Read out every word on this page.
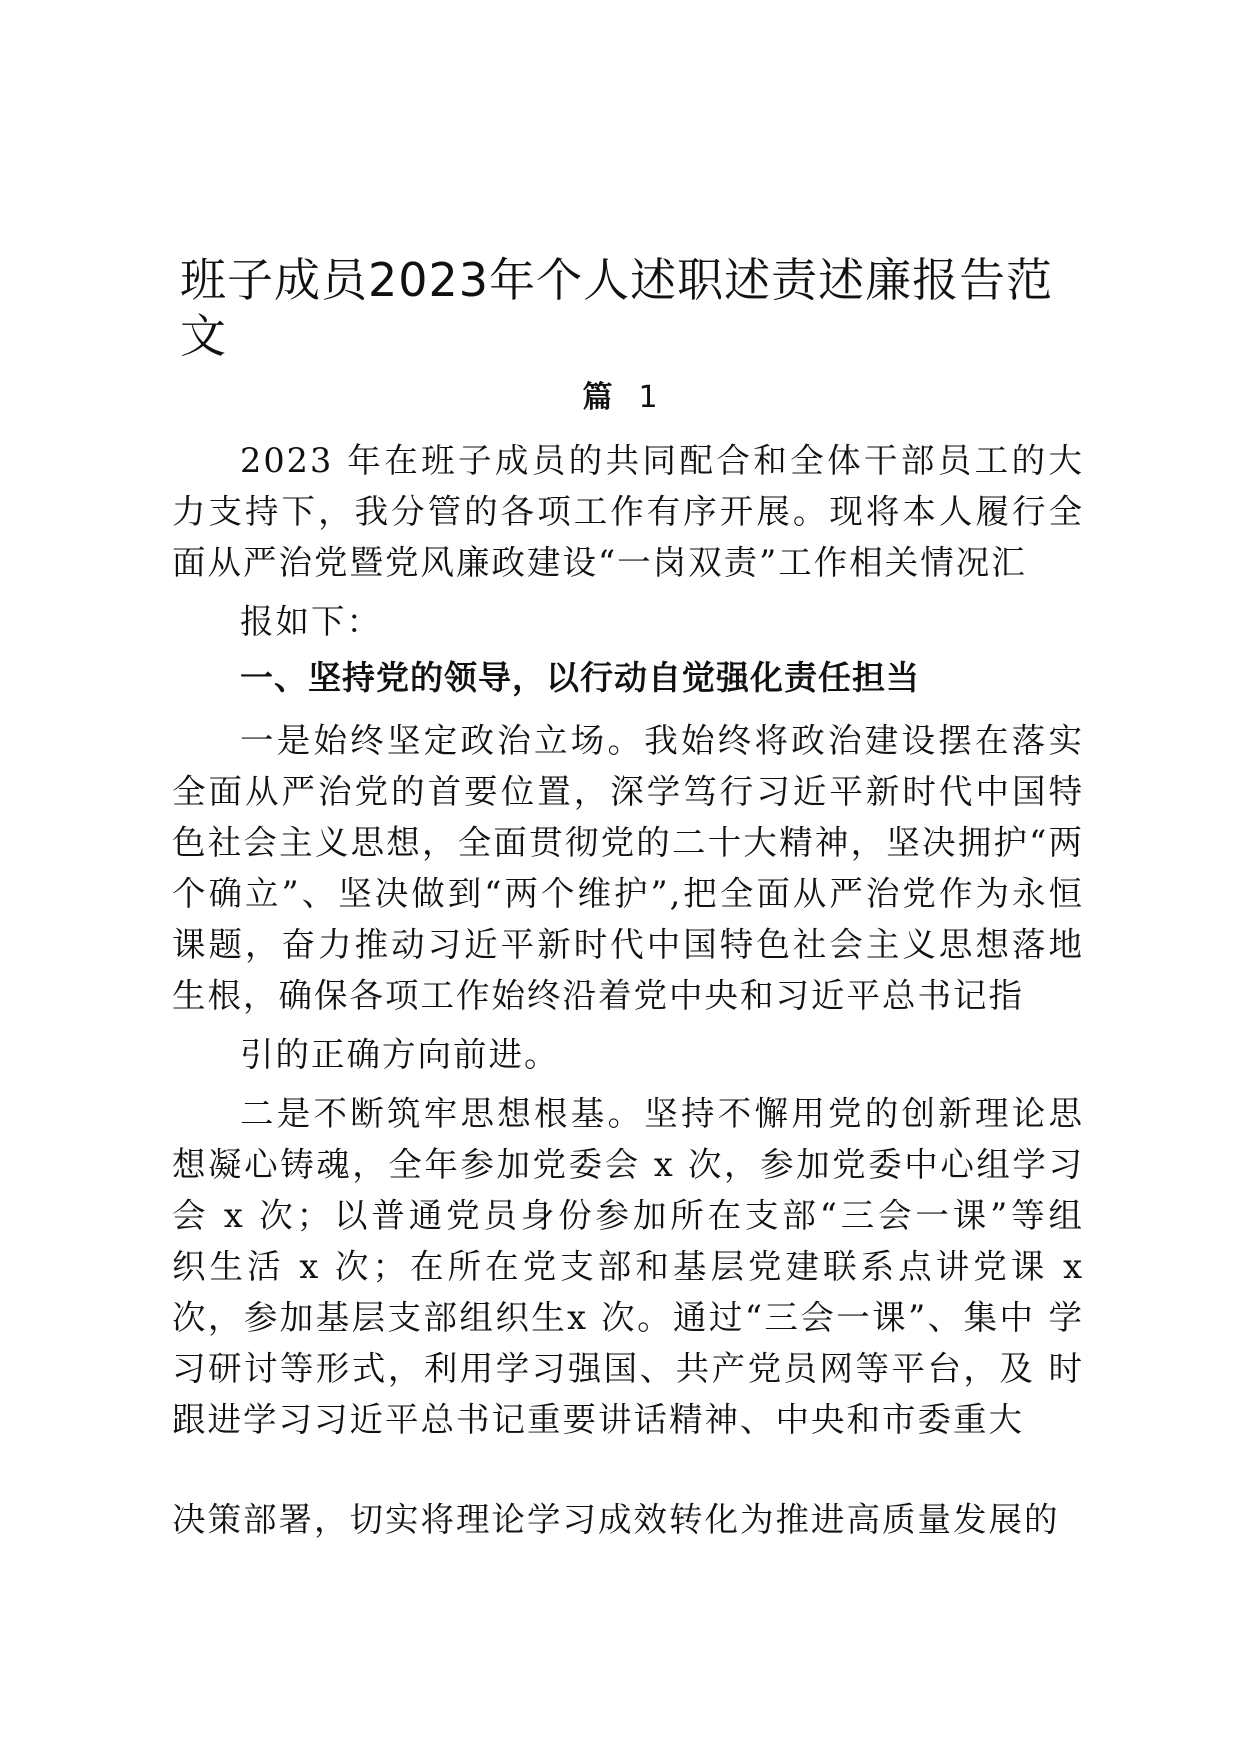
班子成员2023年个人述职述责述廉报告范文
篇 1
2023 年在班子成员的共同配合和全体干部员工的大力支持下，我分管的各项工作有序开展。现将本人履行全面从严治党暨党风廉政建设“一岗双责”工作相关情况汇
报如下：
一、坚持党的领导，以行动自觉强化责任担当
一是始终坚定政治立场。我始终将政治建设摆在落实全面从严治党的首要位置，深学笃行习近平新时代中国特色社会主义思想，全面贯彻党的二十大精神，坚决拥护“两个确立”、坚决做到“两个维护”,把全面从严治党作为永恒课题，奋力推动习近平新时代中国特色社会主义思想落地生根，确保各项工作始终沿着党中央和习近平总书记指
引的正确方向前进。
二是不断筑牢思想根基。坚持不懈用党的创新理论思想凝心铸魂，全年参加党委会 x 次，参加党委中心组学习 会 x 次；以普通党员身份参加所在支部“三会一课”等组 织生活 x 次；在所在党支部和基层党建联系点讲党课 x次，参加基层支部组织生x 次。通过“三会一课”、集中 学习研讨等形式，利用学习强国、共产党员网等平台，及 时跟进学习习近平总书记重要讲话精神、中央和市委重大
决策部署，切实将理论学习成效转化为推进高质量发展的
